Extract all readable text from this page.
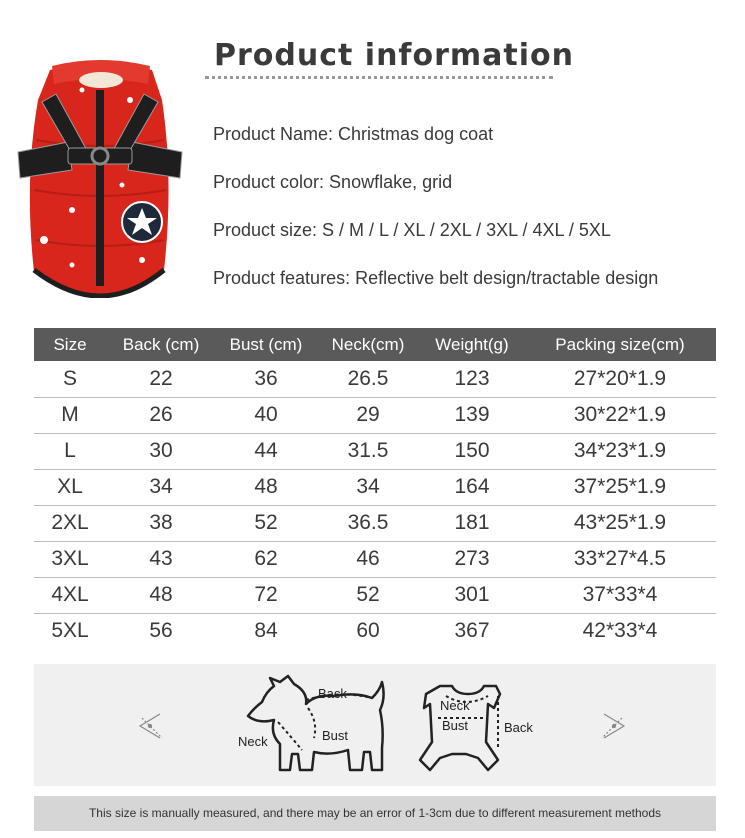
Product information
Product Name: Christmas dog coat
Product color: Snowflake, grid
Product size: S / M / L / XL / 2XL / 3XL / 4XL / 5XL
Product features: Reflective belt design/tractable design
Size	Back (cm)	Bust (cm)	Neck(cm)	Weight(g)	Packing size(cm)
S	22	36	26.5	123	27*20*1.9
M	26	40	29	139	30*22*1.9
L	30	44	31.5	150	34*23*1.9
XL	34	48	34	164	37*25*1.9
2XL	38	52	36.5	181	43*25*1.9
3XL	43	62	46	273	33*27*4.5
4XL	48	72	52	301	37*33*4
5XL	56	84	60	367	42*33*4
Back
Neck	Bust
Neck
Bust	Back
This size is manually measured, and there may be an error of 1-3cm due to different measurement methods
